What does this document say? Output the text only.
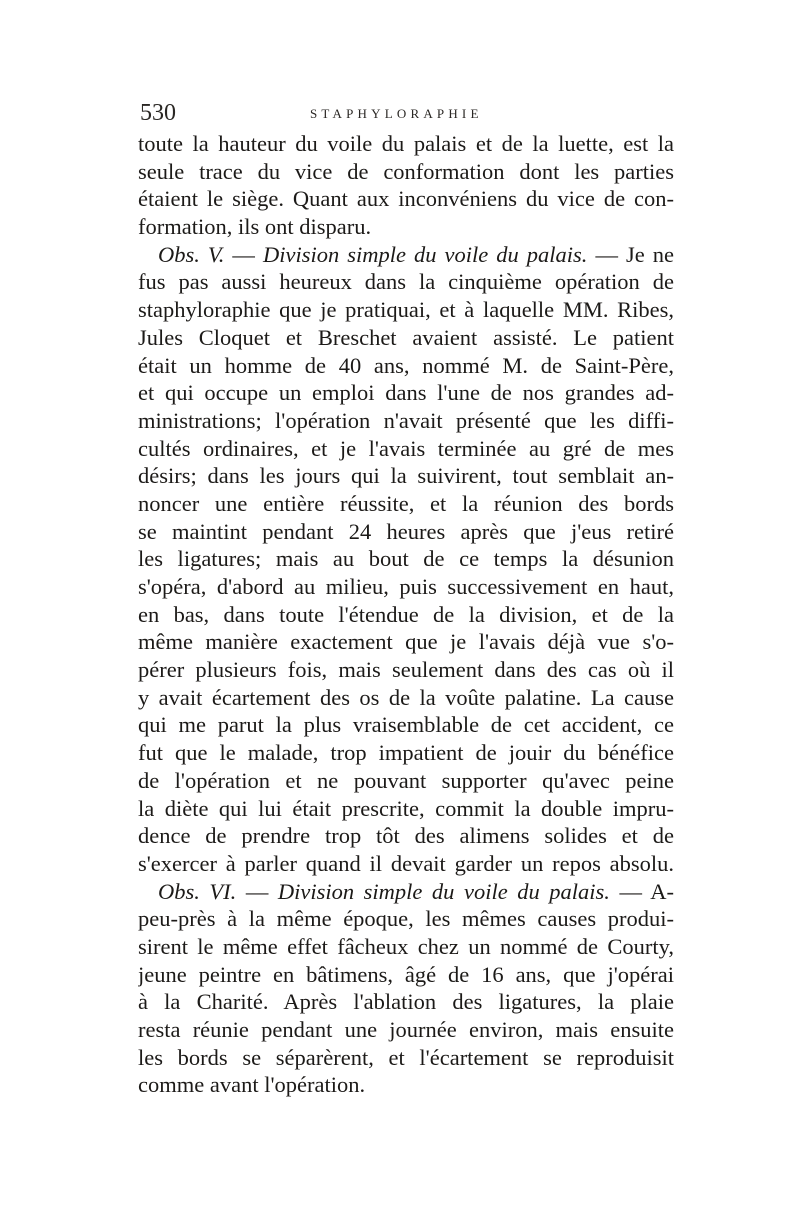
530	STAPHYLORAPHIE
toute la hauteur du voile du palais et de la luette, est la
seule trace du vice de conformation dont les parties
étaient le siège. Quant aux inconvéniens du vice de con-
formation, ils ont disparu.
Obs. V. — Division simple du voile du palais. — Je ne
fus pas aussi heureux dans la cinquième opération de
staphyloraphie que je pratiquai, et à laquelle MM. Ribes,
Jules Cloquet et Breschet avaient assisté. Le patient
était un homme de 40 ans, nommé M. de Saint-Père,
et qui occupe un emploi dans l'une de nos grandes ad-
ministrations; l'opération n'avait présenté que les diffi-
cultés ordinaires, et je l'avais terminée au gré de mes
désirs; dans les jours qui la suivirent, tout semblait an-
noncer une entière réussite, et la réunion des bords
se maintint pendant 24 heures après que j'eus retiré
les ligatures; mais au bout de ce temps la désunion
s'opéra, d'abord au milieu, puis successivement en haut,
en bas, dans toute l'étendue de la division, et de la
même manière exactement que je l'avais déjà vue s'o-
pérer plusieurs fois, mais seulement dans des cas où il
y avait écartement des os de la voûte palatine. La cause
qui me parut la plus vraisemblable de cet accident, ce
fut que le malade, trop impatient de jouir du bénéfice
de l'opération et ne pouvant supporter qu'avec peine
la diète qui lui était prescrite, commit la double impru-
dence de prendre trop tôt des alimens solides et de
s'exercer à parler quand il devait garder un repos absolu.
Obs. VI. — Division simple du voile du palais. — A-
peu-près à la même époque, les mêmes causes produi-
sirent le même effet fâcheux chez un nommé de Courty,
jeune peintre en bâtimens, âgé de 16 ans, que j'opérai
à la Charité. Après l'ablation des ligatures, la plaie
resta réunie pendant une journée environ, mais ensuite
les bords se séparèrent, et l'écartement se reproduisit
comme avant l'opération.
